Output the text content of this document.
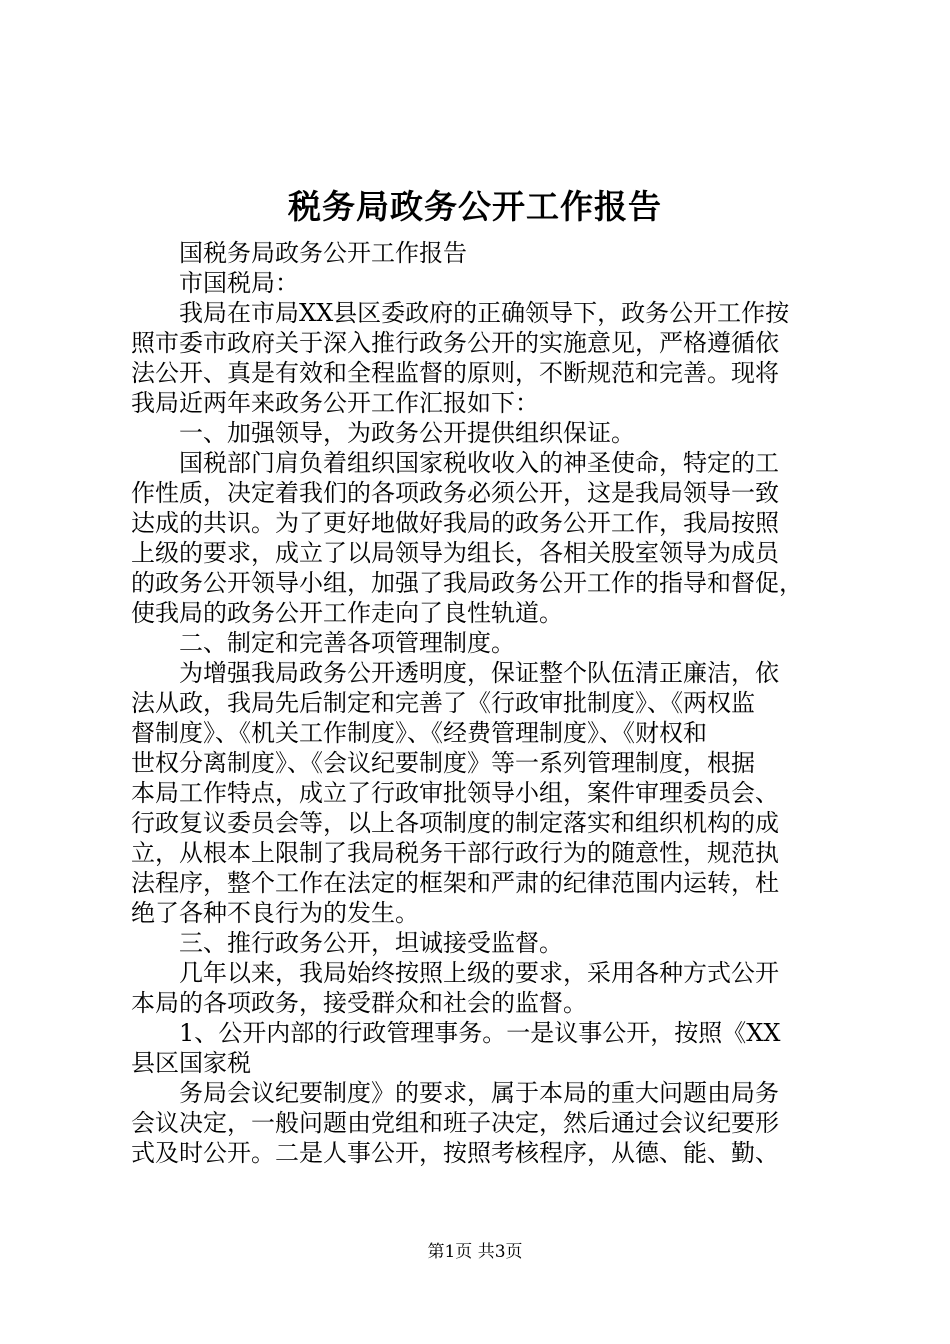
税务局政务公开工作报告
国税务局政务公开工作报告
市国税局：
我局在市局XX县区委政府的正确领导下，政务公开工作按
照市委市政府关于深入推行政务公开的实施意见，严格遵循依
法公开、真是有效和全程监督的原则，不断规范和完善。现将
我局近两年来政务公开工作汇报如下：
一、加强领导，为政务公开提供组织保证。
国税部门肩负着组织国家税收收入的神圣使命，特定的工
作性质，决定着我们的各项政务必须公开，这是我局领导一致
达成的共识。为了更好地做好我局的政务公开工作，我局按照
上级的要求，成立了以局领导为组长，各相关股室领导为成员
的政务公开领导小组，加强了我局政务公开工作的指导和督促，
使我局的政务公开工作走向了良性轨道。
二、制定和完善各项管理制度。
为增强我局政务公开透明度，保证整个队伍清正廉洁，依
法从政，我局先后制定和完善了《行政审批制度》、《两权监
督制度》、《机关工作制度》、《经费管理制度》、《财权和
世权分离制度》、《会议纪要制度》等一系列管理制度，根据
本局工作特点，成立了行政审批领导小组，案件审理委员会、
行政复议委员会等，以上各项制度的制定落实和组织机构的成
立，从根本上限制了我局税务干部行政行为的随意性，规范执
法程序，整个工作在法定的框架和严肃的纪律范围内运转，杜
绝了各种不良行为的发生。
三、推行政务公开，坦诚接受监督。
几年以来，我局始终按照上级的要求，采用各种方式公开
本局的各项政务，接受群众和社会的监督。
1、公开内部的行政管理事务。一是议事公开，按照《XX
县区国家税
务局会议纪要制度》的要求，属于本局的重大问题由局务
会议决定，一般问题由党组和班子决定，然后通过会议纪要形
式及时公开。二是人事公开，按照考核程序，从德、能、勤、
第1页 共3页
